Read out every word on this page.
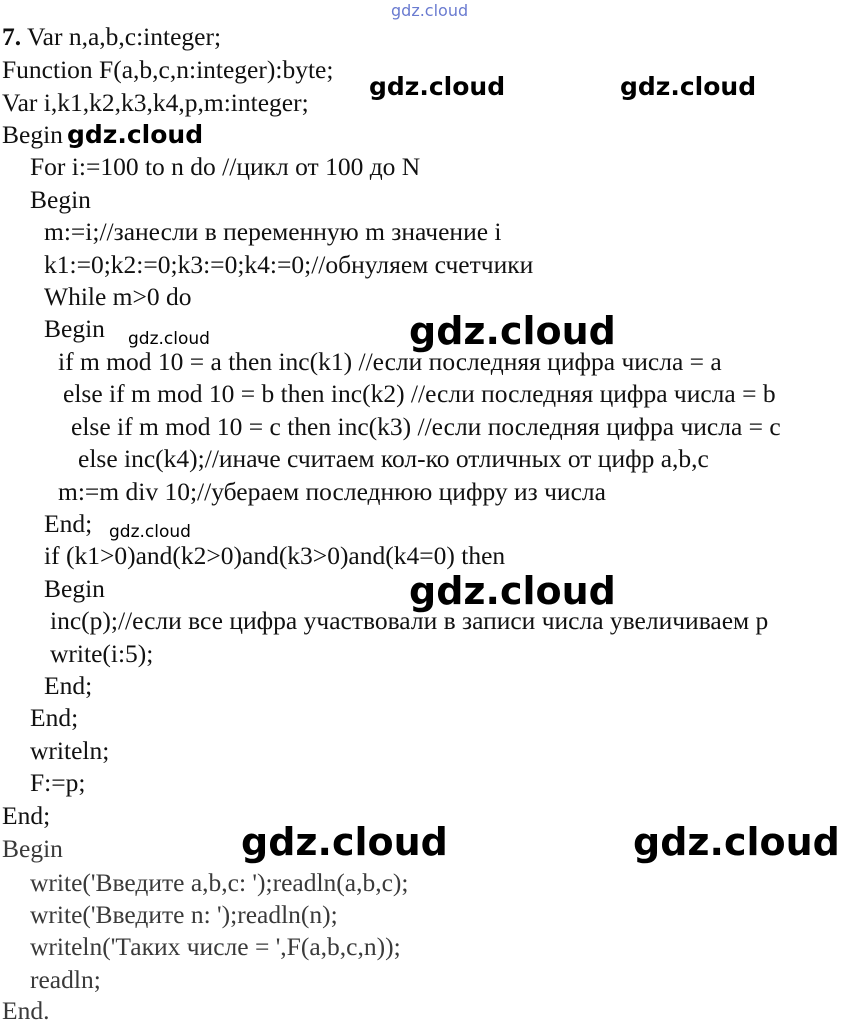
7. Var n,a,b,c:integer;
Function F(a,b,c,n:integer):byte;
Var i,k1,k2,k3,k4,p,m:integer;
Begin
For i:=100 to n do //цикл от 100 до N
Begin
m:=i;//занесли в переменную m значение i
k1:=0;k2:=0;k3:=0;k4:=0;//обнуляем счетчики
While m>0 do
Begin
if m mod 10 = a then inc(k1) //если последняя цифра числа = a
else if m mod 10 = b then inc(k2) //если последняя цифра числа = b
else if m mod 10 = c then inc(k3) //если последняя цифра числа = c
else inc(k4);//иначе считаем кол-ко отличных от цифр a,b,c
m:=m div 10;//убераем последнюю цифру из числа
End;
if (k1>0)and(k2>0)and(k3>0)and(k4=0) then
Begin
inc(p);//если все цифра участвовали в записи числа увеличиваем p
write(i:5);
End;
End;
writeln;
F:=p;
End;
Begin
write('Введите a,b,c: ');readln(a,b,c);
write('Введите n: ');readln(n);
writeln('Таких числе = ',F(a,b,c,n));
readln;
End.
gdz.cloud
gdz.cloud	gdz.cloud
gdz.cloud
gdz.cloud	gdz.cloud
gdz.cloud
gdz.cloud
gdz.cloud	gdz.cloud
